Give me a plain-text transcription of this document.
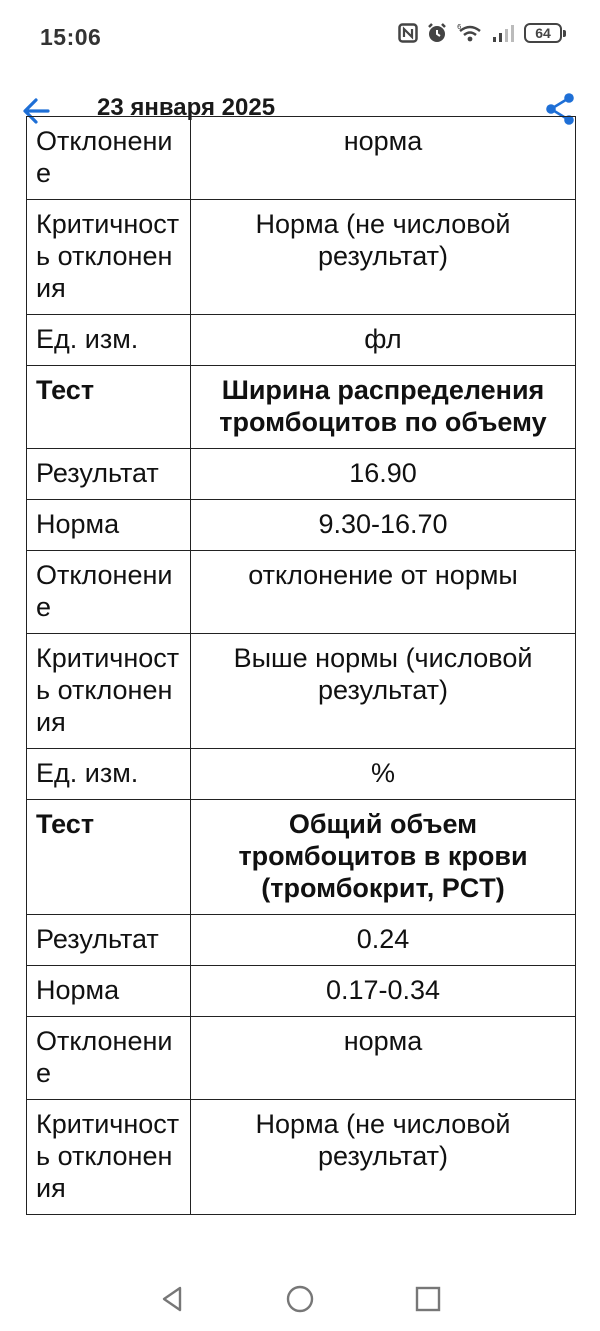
15:06	6	64
23 января 2025
Отклонение	норма
Критичность отклонения	Норма (не числовой результат)
Ед. изм.	фл
Тест	Ширина распределения тромбоцитов по объему
Результат	16.90
Норма	9.30-16.70
Отклонение	отклонение от нормы
Критичность отклонения	Выше нормы (числовой результат)
Ед. изм.	%
Тест	Общий объем тромбоцитов в крови (тромбокрит, PCT)
Результат	0.24
Норма	0.17-0.34
Отклонение	норма
Критичность отклонения	Норма (не числовой результат)
